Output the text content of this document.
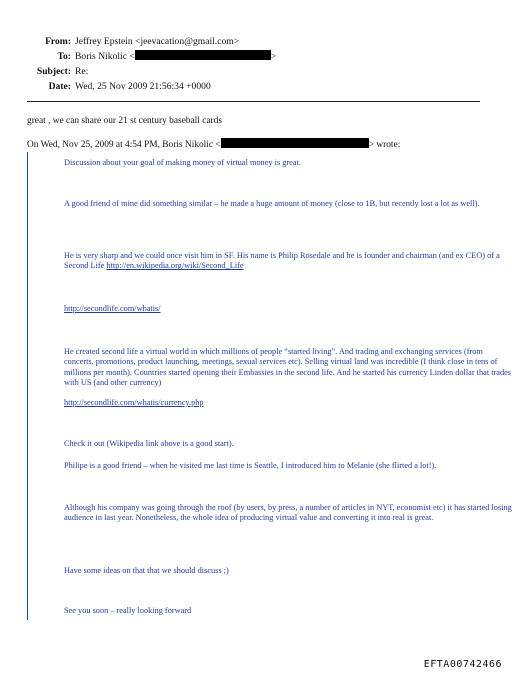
From: Jeffrey Epstein <jeevacation@gmail.com>
To: Boris Nikolic <	>
Subject: Re:
Date: Wed, 25 Nov 2009 21:56:34 +0000
great , we can share our 21 st century baseball cards
On Wed, Nov 25, 2009 at 4:54 PM, Boris Nikolic <	> wrote:

Discussion about your goal of making money of virtual money is great.

A good friend of mine did something similar – he made a huge amount of money (close to 1B, but recently lost a lot as well).

He is very sharp and we could once visit him in SF. His name is Philip Rosedale and he is founder and chairman (and ex CEO) of a Second Life http://en.wikipedia.org/wiki/Second_Life

http://secondlife.com/whatis/

He created second life a virtual world in which millions of people “started living”. And trading and exchanging services (from concerts, promotions, product launching, meetings, sexual services etc). Selling virtual land was incredible (I think close in tens of millions per month). Countries started opening their Embassies in the second life. And he started his currency Linden dollar that trades with US (and other currency)

http://secondlife.com/whatis/currency.php

Check it out (Wikipedia link above is a good start).

Philipe is a good friend – when he visited me last time is Seattle, I introduced him to Melanie (she flirted a lot!).

Although his company was going through the roof (by users, by press, a number of articles in NYT, economist etc) it has started losing audience in last year. Nonetheless, the whole idea of producing virtual value and converting it into real is great.

Have some ideas on that that we should discuss ;)

See you soon – really looking forward

EFTA00742466
